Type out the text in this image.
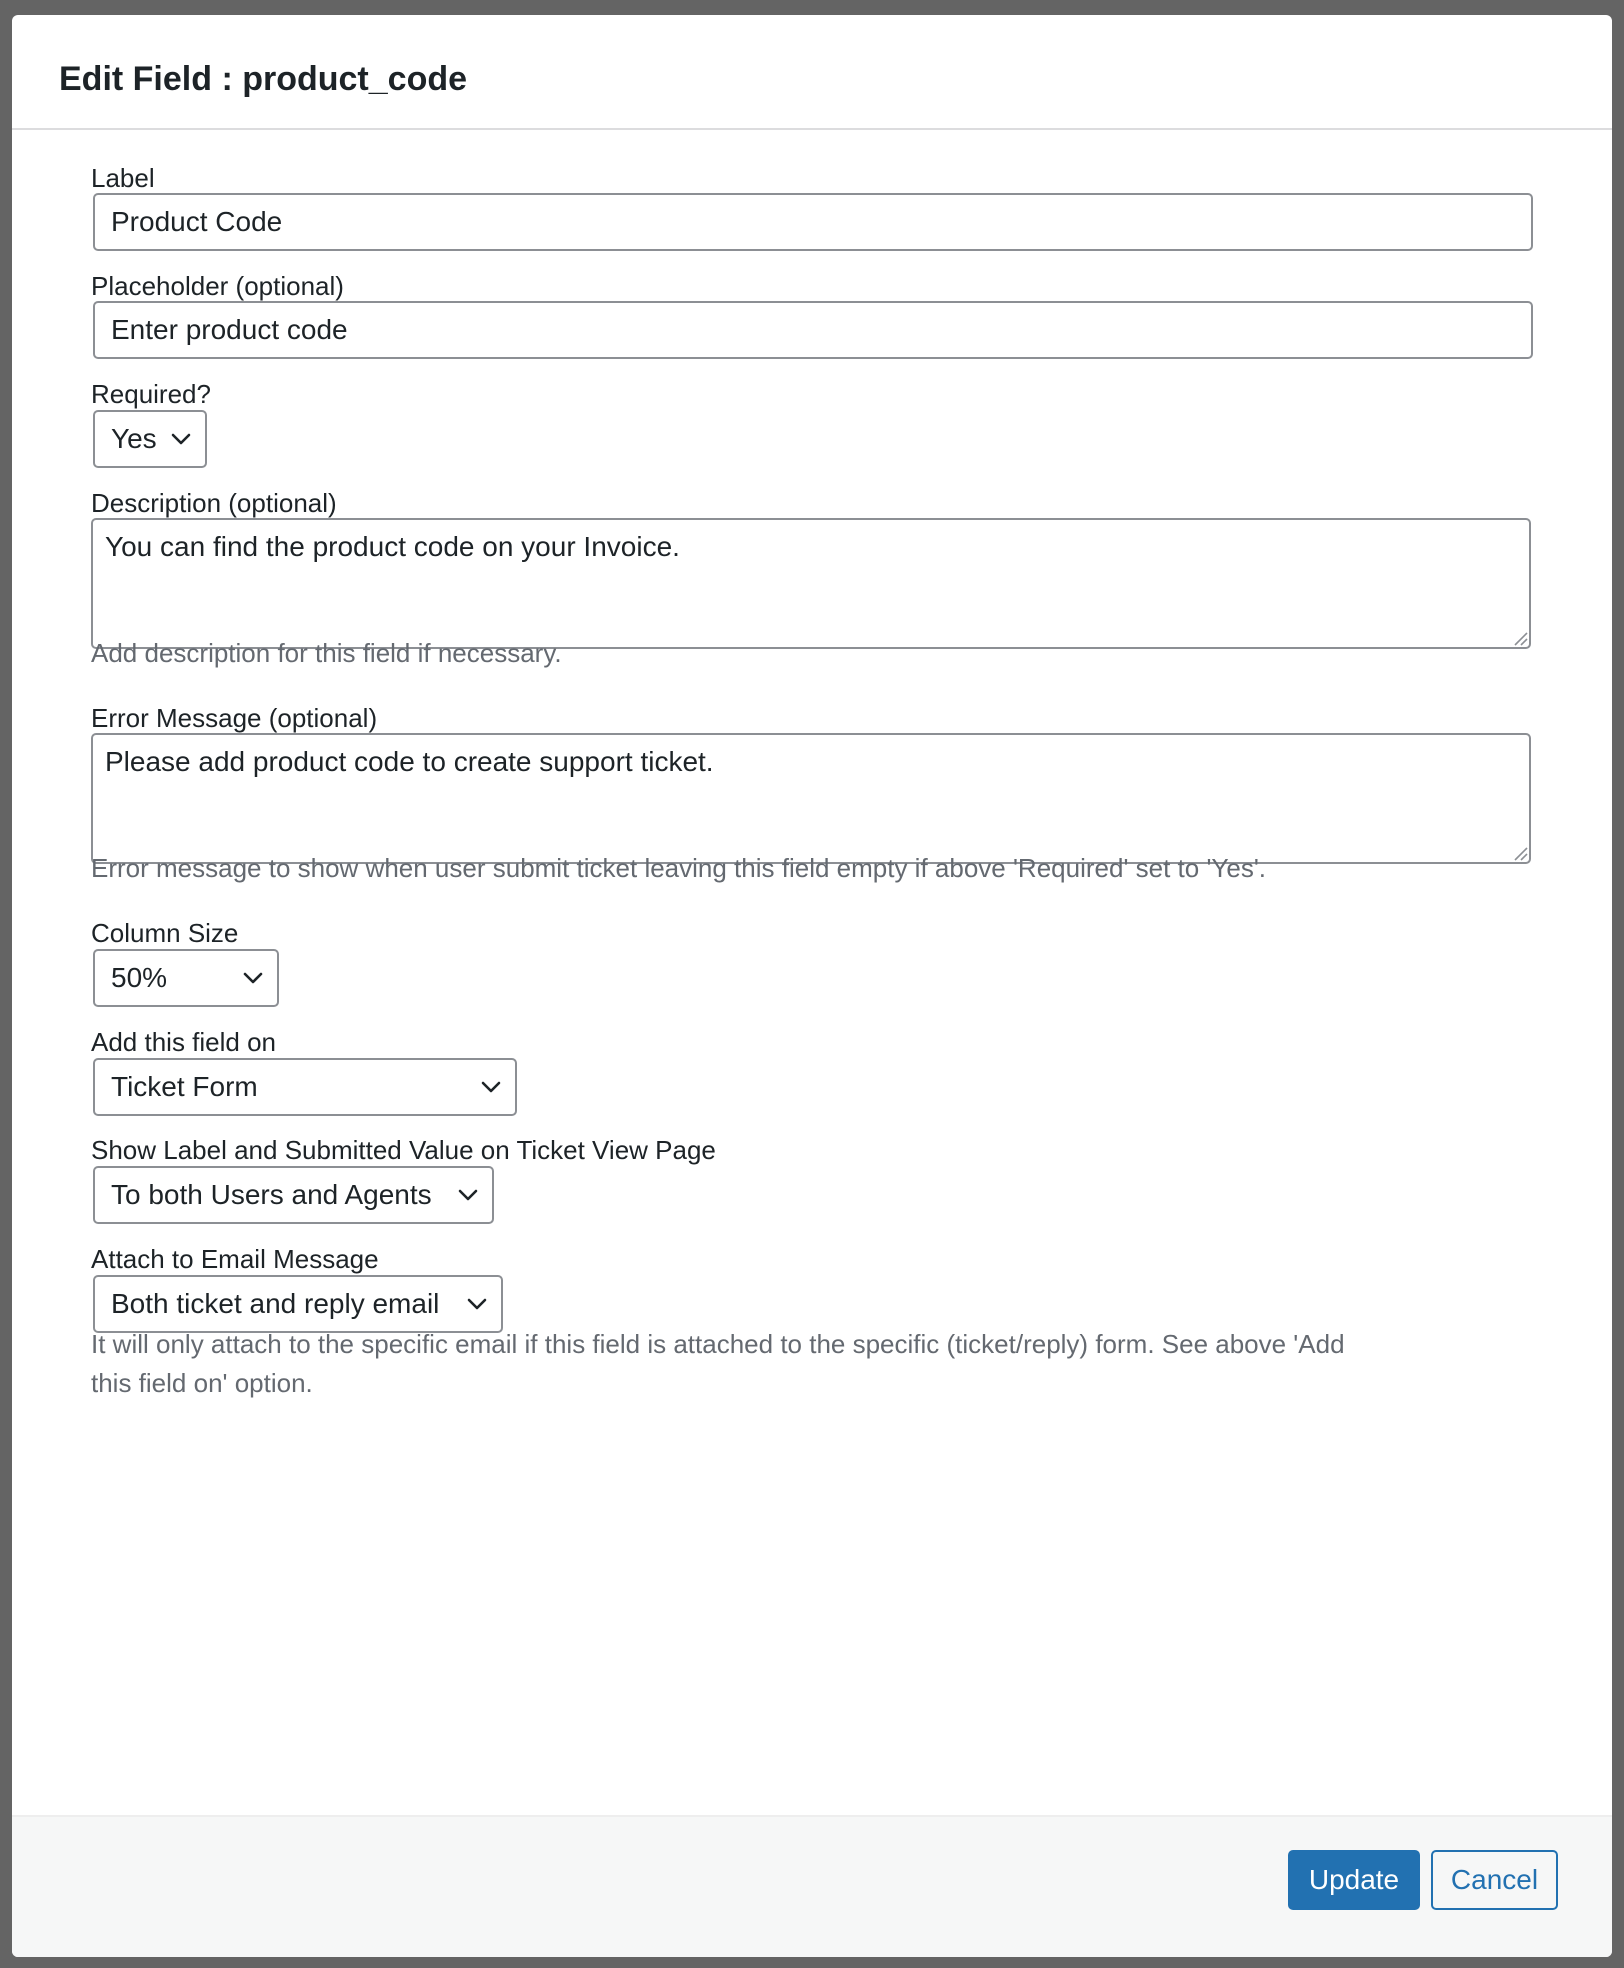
Edit Field : product_code
Label
Product Code
Placeholder (optional)
Enter product code
Required?
Yes
Description (optional)
You can find the product code on your Invoice.
Add description for this field if necessary.
Error Message (optional)
Please add product code to create support ticket.
Error message to show when user submit ticket leaving this field empty if above 'Required' set to 'Yes'.
Column Size
50%
Add this field on
Ticket Form
Show Label and Submitted Value on Ticket View Page
To both Users and Agents
Attach to Email Message
Both ticket and reply email
It will only attach to the specific email if this field is attached to the specific (ticket/reply) form. See above 'Add
this field on' option.
Update	Cancel
